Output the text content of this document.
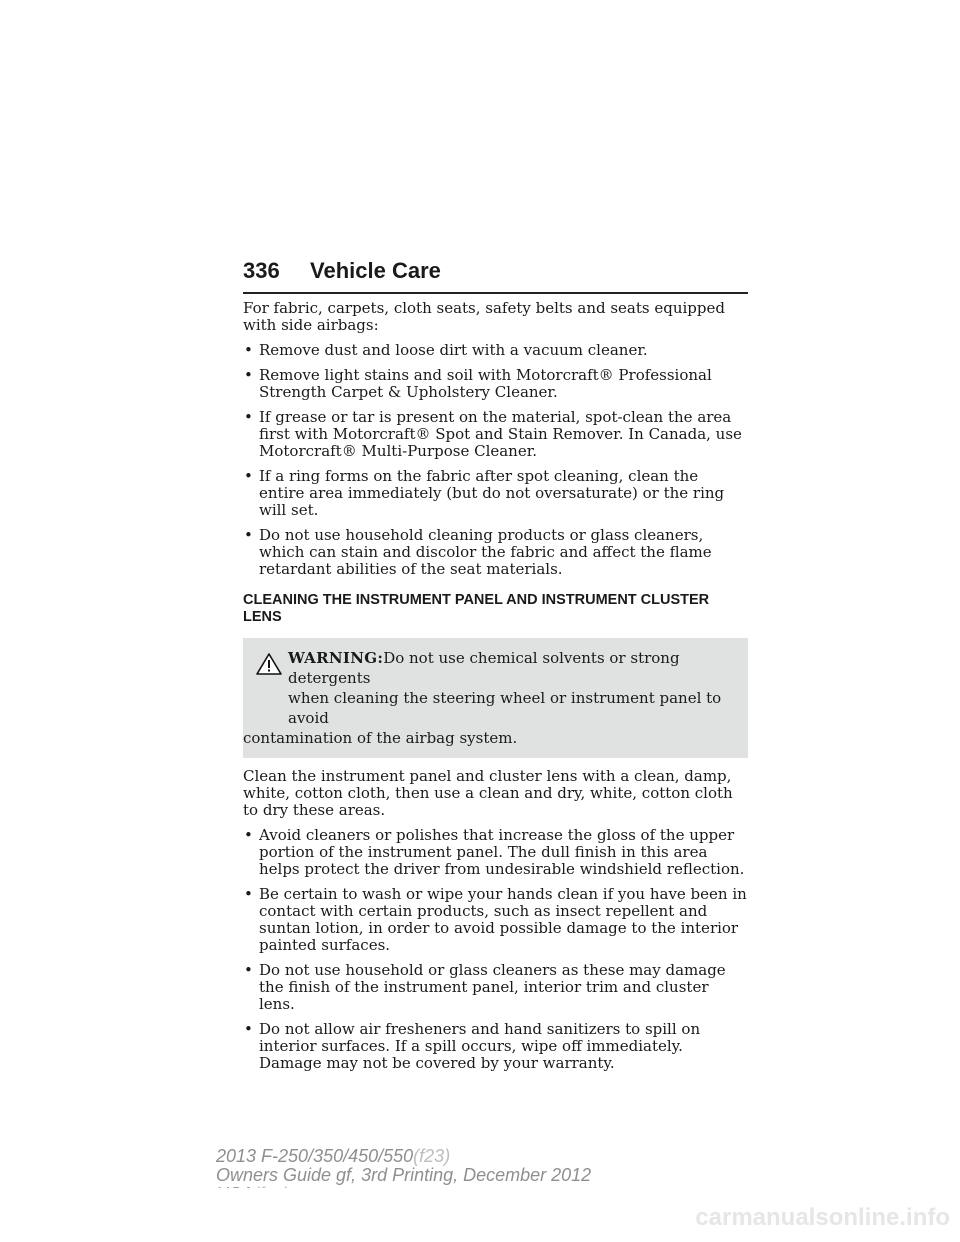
336 Vehicle Care

For fabric, carpets, cloth seats, safety belts and seats equipped with side airbags:

• Remove dust and loose dirt with a vacuum cleaner.
• Remove light stains and soil with Motorcraft® Professional Strength Carpet & Upholstery Cleaner.
• If grease or tar is present on the material, spot-clean the area first with Motorcraft® Spot and Stain Remover. In Canada, use Motorcraft® Multi-Purpose Cleaner.
• If a ring forms on the fabric after spot cleaning, clean the entire area immediately (but do not oversaturate) or the ring will set.
• Do not use household cleaning products or glass cleaners, which can stain and discolor the fabric and affect the flame retardant abilities of the seat materials.
CLEANING THE INSTRUMENT PANEL AND INSTRUMENT CLUSTER LENS
WARNING:Do not use chemical solvents or strong detergents
when cleaning the steering wheel or instrument panel to avoid
contamination of the airbag system.

Clean the instrument panel and cluster lens with a clean, damp, white, cotton cloth, then use a clean and dry, white, cotton cloth to dry these areas.

• Avoid cleaners or polishes that increase the gloss of the upper portion of the instrument panel. The dull finish in this area helps protect the driver from undesirable windshield reflection.
• Be certain to wash or wipe your hands clean if you have been in contact with certain products, such as insect repellent and suntan lotion, in order to avoid possible damage to the interior painted surfaces.
• Do not use household or glass cleaners as these may damage the finish of the instrument panel, interior trim and cluster lens.
• Do not allow air fresheners and hand sanitizers to spill on interior surfaces. If a spill occurs, wipe off immediately. Damage may not be covered by your warranty.
2013 F-250/350/450/550(f23)
Owners Guide gf, 3rd Printing, December 2012
carmanualsonline.info
